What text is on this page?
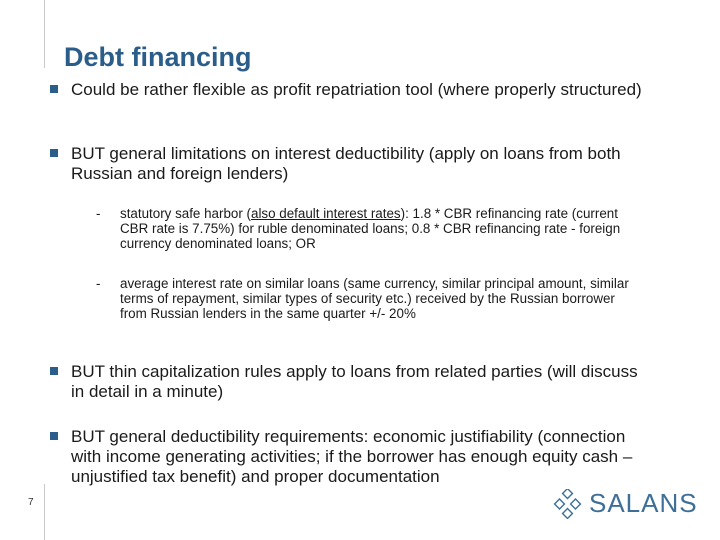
Debt financing
Could be rather flexible as profit repatriation tool (where properly structured)
BUT general limitations on interest deductibility (apply on loans from both Russian and foreign lenders)
- statutory safe harbor (also default interest rates): 1.8 * CBR refinancing rate (current CBR rate is 7.75%) for ruble denominated loans; 0.8 * CBR refinancing rate - foreign currency denominated loans; OR
- average interest rate on similar loans (same currency, similar principal amount, similar terms of repayment, similar types of security etc.) received by the Russian borrower from Russian lenders in the same quarter +/- 20%
BUT thin capitalization rules apply to loans from related parties (will discuss in detail in a minute)
BUT general deductibility requirements: economic justifiability (connection with income generating activities; if the borrower has enough equity cash – unjustified tax benefit) and proper documentation
7	SALANS
